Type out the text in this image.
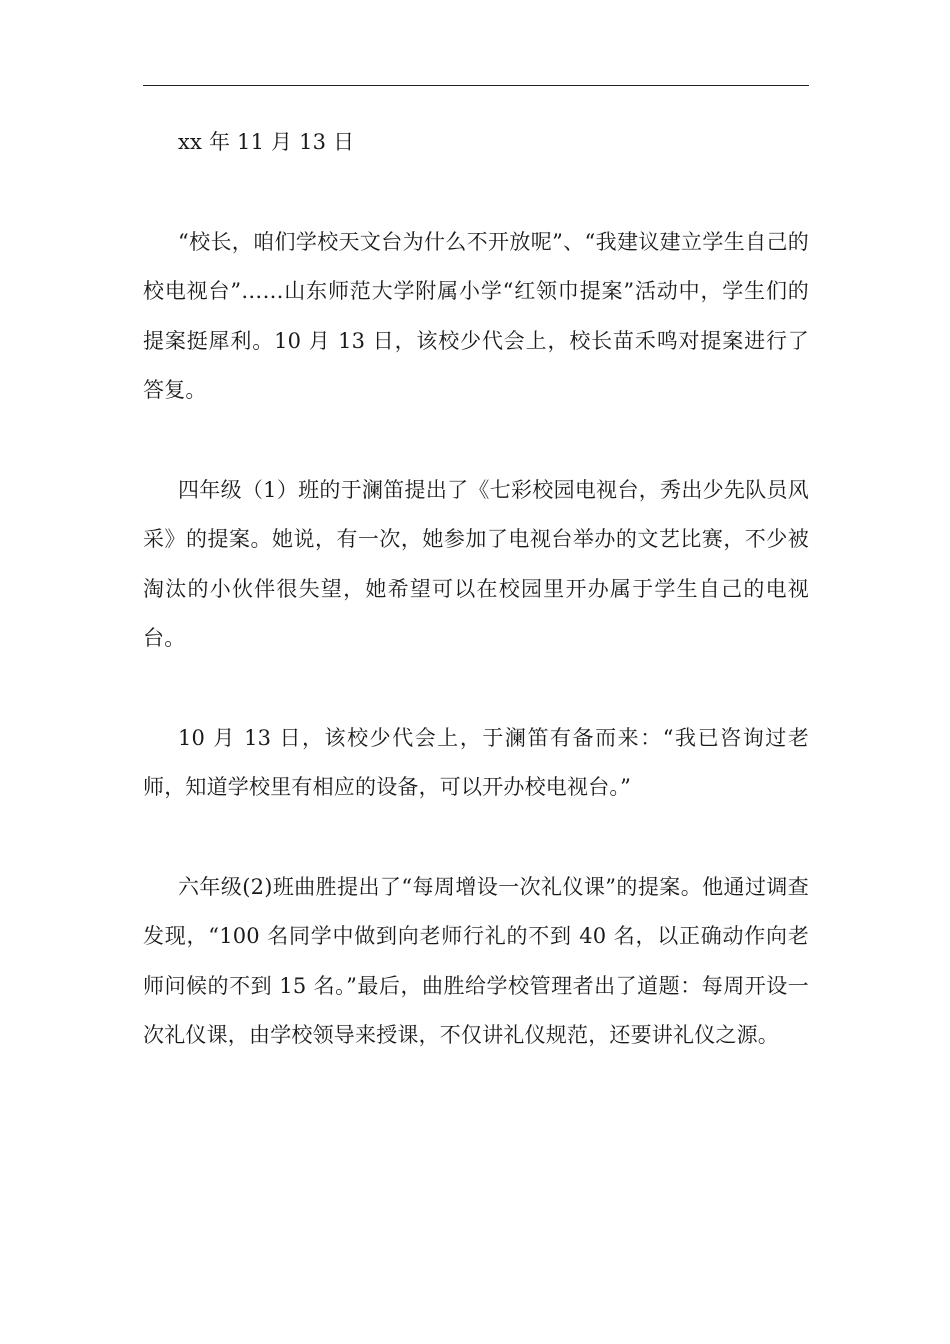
xx 年 11 月 13 日

“校长，咱们学校天文台为什么不开放呢”、“我建议建立学生自己的校电视台”……山东师范大学附属小学“红领巾提案”活动中，学生们的提案挺犀利。10 月 13 日，该校少代会上，校长苗禾鸣对提案进行了答复。

四年级（1）班的于澜笛提出了《七彩校园电视台，秀出少先队员风采》的提案。她说，有一次，她参加了电视台举办的文艺比赛，不少被淘汰的小伙伴很失望，她希望可以在校园里开办属于学生自己的电视台。

10 月 13 日，该校少代会上，于澜笛有备而来：“我已咨询过老师，知道学校里有相应的设备，可以开办校电视台。”

六年级(2)班曲胜提出了“每周增设一次礼仪课”的提案。他通过调查发现，“100 名同学中做到向老师行礼的不到 40 名，以正确动作向老师问候的不到 15 名。”最后，曲胜给学校管理者出了道题：每周开设一次礼仪课，由学校领导来授课，不仅讲礼仪规范，还要讲礼仪之源。
